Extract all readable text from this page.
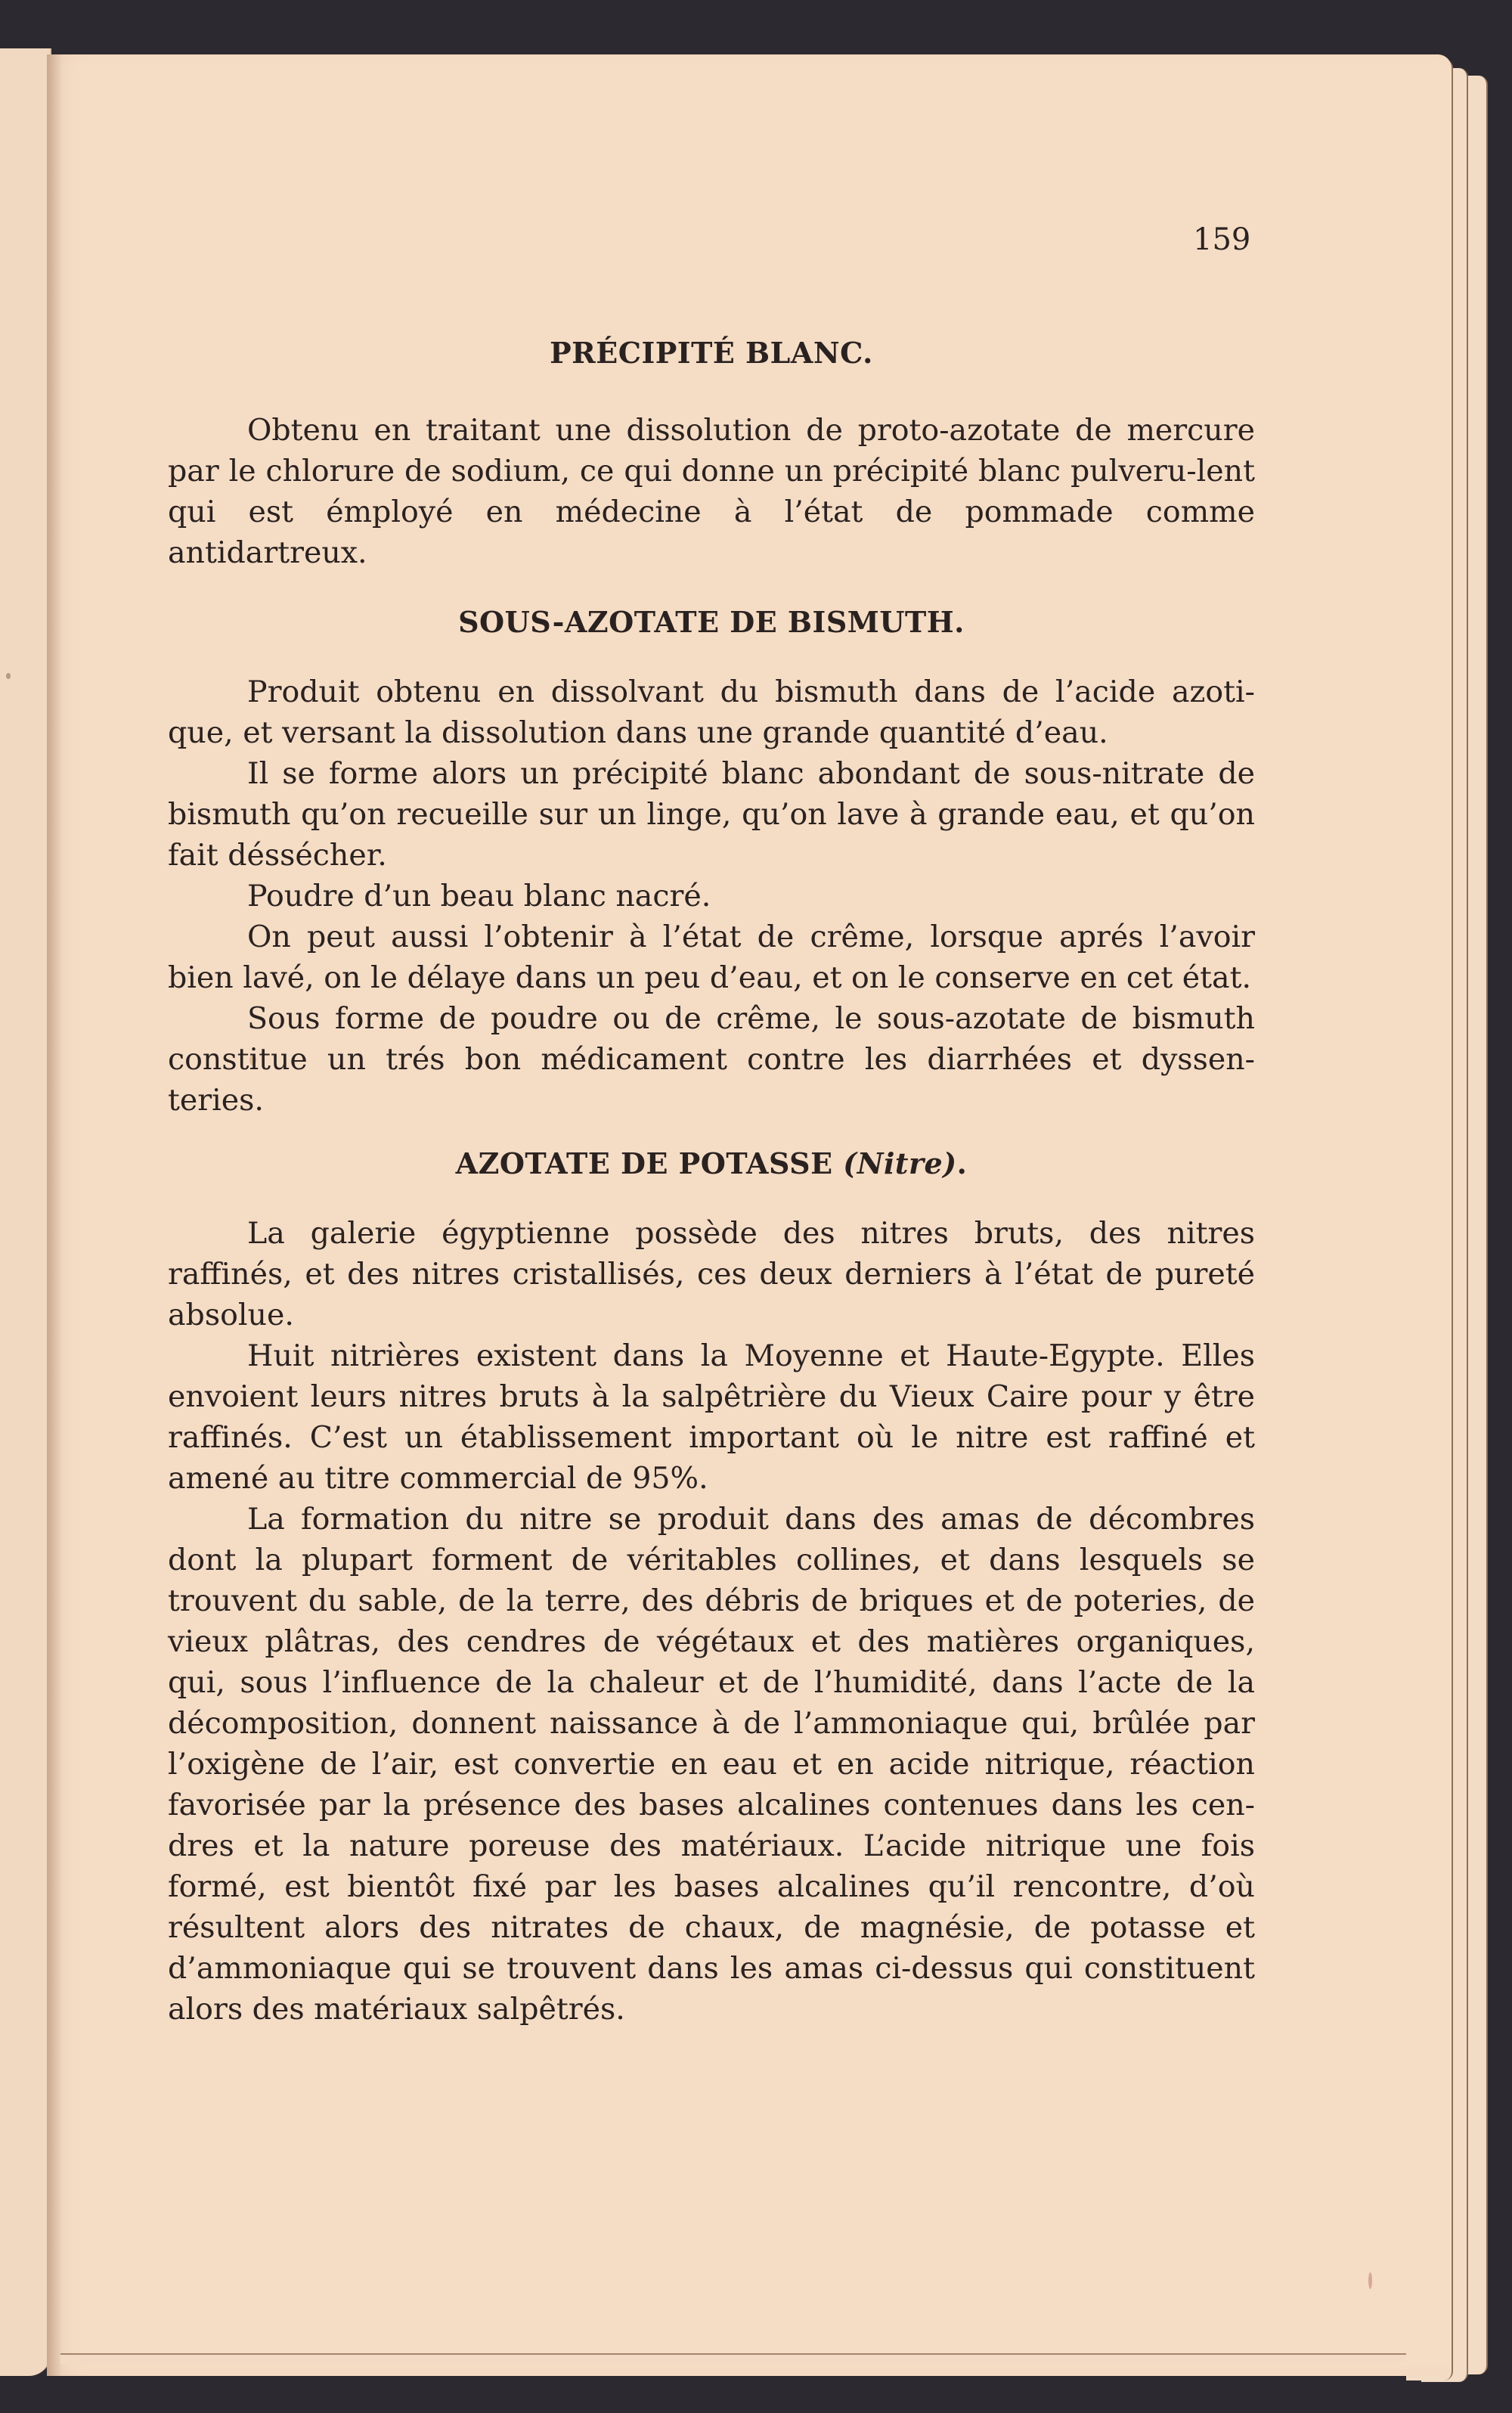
159
PRÉCIPITÉ BLANC.

Obtenu en traitant une dissolution de proto-azotate de mercure par le chlorure de sodium, ce qui donne un précipité blanc pulveru-lent qui est émployé en médecine à l’état de pommade comme antidartreux.

SOUS-AZOTATE DE BISMUTH.

Produit obtenu en dissolvant du bismuth dans de l’acide azoti-que, et versant la dissolution dans une grande quantité d’eau.

Il se forme alors un précipité blanc abondant de sous-nitrate de bismuth qu’on recueille sur un linge, qu’on lave à grande eau, et qu’on fait déssécher.

Poudre d’un beau blanc nacré.

On peut aussi l’obtenir à l’état de crême, lorsque aprés l’avoir bien lavé, on le délaye dans un peu d’eau, et on le conserve en cet état.

Sous forme de poudre ou de crême, le sous-azotate de bismuth constitue un trés bon médicament contre les diarrhées et dyssen-teries.

AZOTATE DE POTASSE (Nitre).

La galerie égyptienne possède des nitres bruts, des nitres raffinés, et des nitres cristallisés, ces deux derniers à l’état de pureté absolue.

Huit nitrières existent dans la Moyenne et Haute-Egypte. Elles envoient leurs nitres bruts à la salpêtrière du Vieux Caire pour y être raffinés. C’est un établissement important où le nitre est raffiné et amené au titre commercial de 95%.

La formation du nitre se produit dans des amas de décombres dont la plupart forment de véritables collines, et dans lesquels se trouvent du sable, de la terre, des débris de briques et de poteries, de vieux plâtras, des cendres de végétaux et des matières organiques, qui, sous l’influence de la chaleur et de l’humidité, dans l’acte de la décomposition, donnent naissance à de l’ammoniaque qui, brûlée par l’oxigène de l’air, est convertie en eau et en acide nitrique, réaction favorisée par la présence des bases alcalines contenues dans les cen-dres et la nature poreuse des matériaux. L’acide nitrique une fois formé, est bientôt fixé par les bases alcalines qu’il rencontre, d’où résultent alors des nitrates de chaux, de magnésie, de potasse et d’ammoniaque qui se trouvent dans les amas ci-dessus qui constituent alors des matériaux salpêtrés.
